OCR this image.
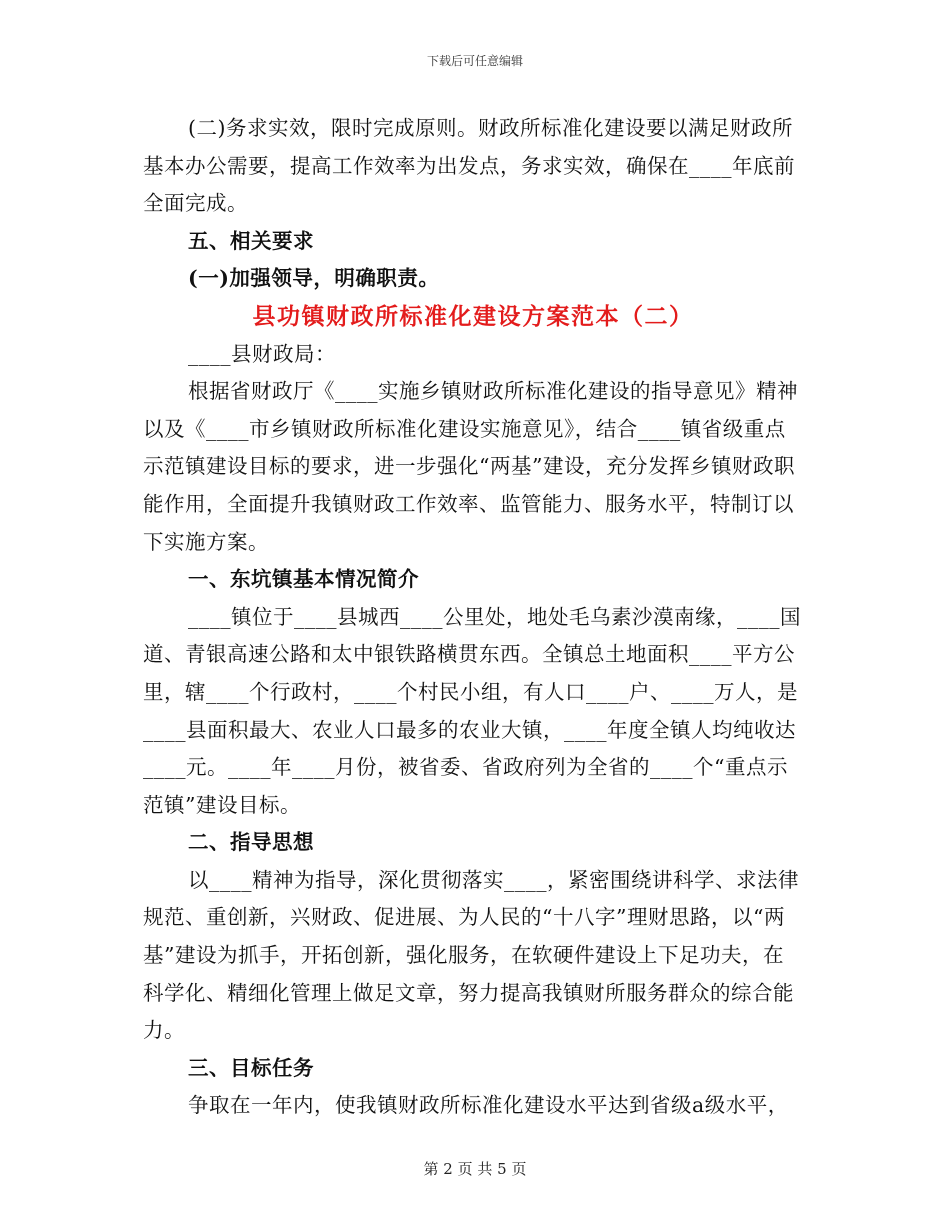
下载后可任意编辑

(二)务求实效，限时完成原则。财政所标准化建设要以满足财政所基本办公需要，提高工作效率为出发点，务求实效，确保在____年底前全面完成。

五、相关要求

(一)加强领导，明确职责。

县功镇财政所标准化建设方案范本（二）

____县财政局：

根据省财政厅《____实施乡镇财政所标准化建设的指导意见》精神以及《____市乡镇财政所标准化建设实施意见》，结合____镇省级重点示范镇建设目标的要求，进一步强化“两基”建设，充分发挥乡镇财政职能作用，全面提升我镇财政工作效率、监管能力、服务水平，特制订以下实施方案。

一、东坑镇基本情况简介

____镇位于____县城西____公里处，地处毛乌素沙漠南缘，____国道、青银高速公路和太中银铁路横贯东西。全镇总土地面积____平方公里，辖____个行政村，____个村民小组，有人口____户、____万人，是____县面积最大、农业人口最多的农业大镇，____年度全镇人均纯收达____元。____年____月份，被省委、省政府列为全省的____个“重点示范镇”建设目标。

二、指导思想

以____精神为指导，深化贯彻落实____，紧密围绕讲科学、求法律规范、重创新，兴财政、促进展、为人民的“十八字”理财思路，以“两基”建设为抓手，开拓创新，强化服务，在软硬件建设上下足功夫，在科学化、精细化管理上做足文章，努力提高我镇财所服务群众的综合能力。

三、目标任务

争取在一年内，使我镇财政所标准化建设水平达到省级a级水平，

第 2 页 共 5 页
